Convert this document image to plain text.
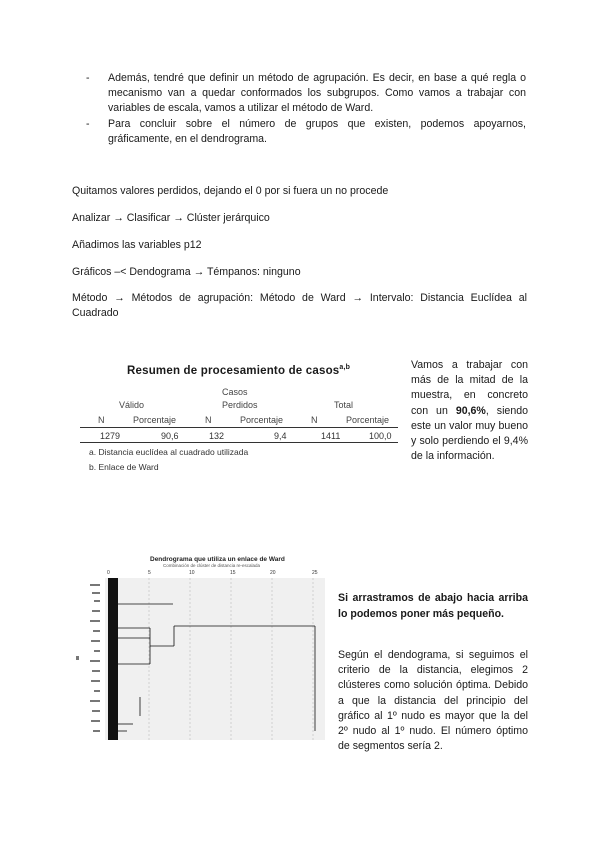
- Además, tendré que definir un método de agrupación. Es decir, en base a qué regla o mecanismo van a quedar conformados los subgrupos. Como vamos a trabajar con variables de escala, vamos a utilizar el método de Ward.
- Para concluir sobre el número de grupos que existen, podemos apoyarnos, gráficamente, en el dendrograma.
Quitamos valores perdidos, dejando el 0 por si fuera un no procede
Analizar → Clasificar → Clúster jerárquico
Añadimos las variables p12
Gráficos –< Dendograma → Témpanos: ninguno
Método → Métodos de agrupación: Método de Ward → Intervalo: Distancia Euclídea al Cuadrado
Resumen de procesamiento de casos$^{a,b}$
Casos
Válido	Perdidos	Total
N	Porcentaje	N	Porcentaje	N	Porcentaje
1279	90,6	132	9,4	1411	100,0
a. Distancia euclídea al cuadrado utilizada
b. Enlace de Ward
Vamos a trabajar con más de la mitad de la muestra, en concreto con un 90,6%, siendo este un valor muy bueno y solo perdiendo el 9,4% de la información.
Dendrograma que utiliza un enlace de Ward
Combinación de clúster de distancia re-escalada
0	5	10	15	20	25
Si arrastramos de abajo hacia arriba lo podemos poner más pequeño.
Según el dendograma, si seguimos el criterio de la distancia, elegimos 2 clústeres como solución óptima. Debido a que la distancia del principio del gráfico al 1º nudo es mayor que la del 2º nudo al 1º nudo. El número óptimo de segmentos sería 2.
